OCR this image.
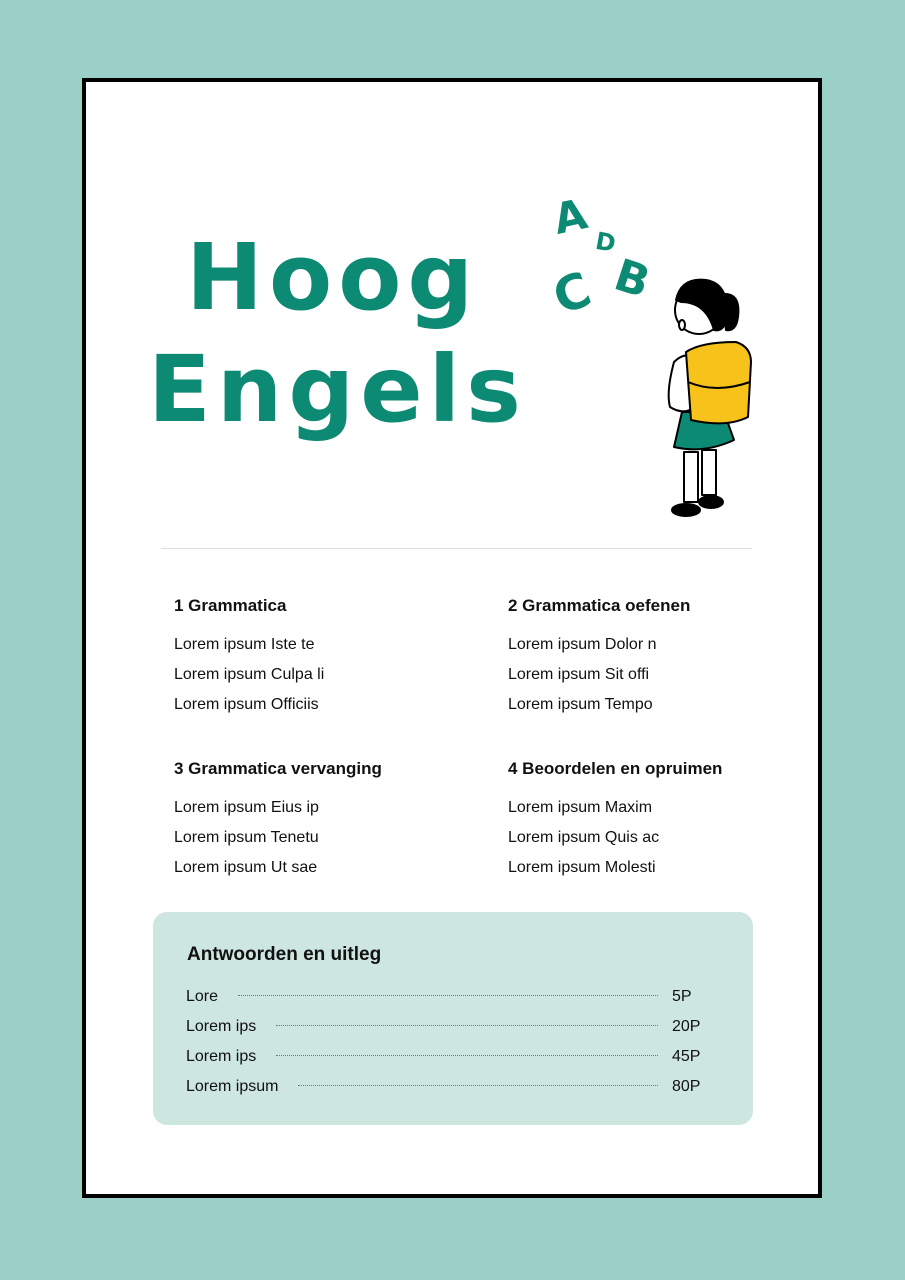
Hoog
Engels
A D
B
C
1 Grammatica
Lorem ipsum Iste te
Lorem ipsum Culpa li
Lorem ipsum Officiis
2 Grammatica oefenen
Lorem ipsum Dolor n
Lorem ipsum Sit offi
Lorem ipsum Tempo
3 Grammatica vervanging
Lorem ipsum Eius ip
Lorem ipsum Tenetu
Lorem ipsum Ut sae
4 Beoordelen en opruimen
Lorem ipsum Maxim
Lorem ipsum Quis ac
Lorem ipsum Molesti
Antwoorden en uitleg
Lore	5P
Lorem ips	20P
Lorem ips	45P
Lorem ipsum	80P
